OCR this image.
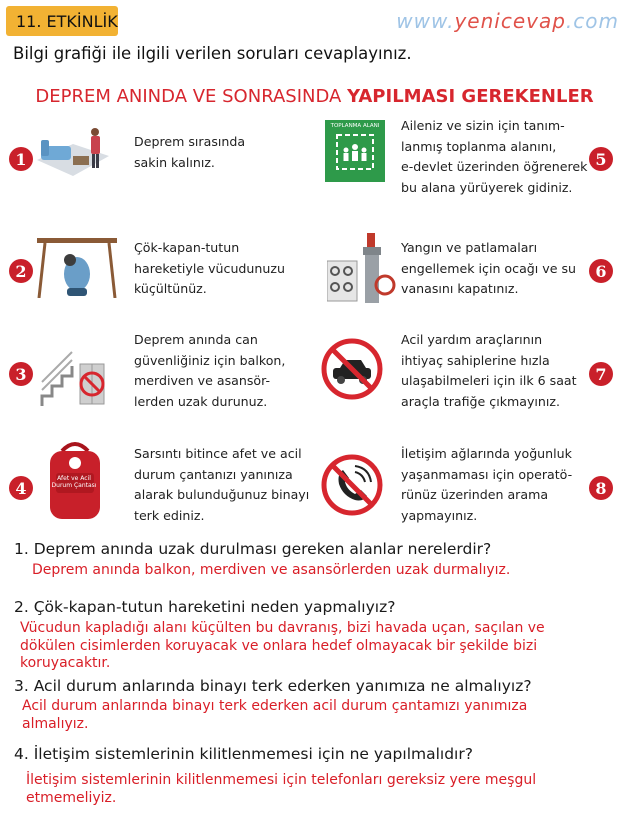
11. ETKİNLİK	www.yenicevap.com
Bilgi grafiği ile ilgili verilen soruları cevaplayınız.
DEPREM ANINDA VE SONRASINDA YAPILMASI GEREKENLER
1
2
3
4
5
6
7
8
Afet ve Acil Durum Çantası
TOPLANMA ALANI
Deprem sırasında
sakin kalınız.
Çök-kapan-tutun
hareketiyle vücudunuzu
küçültünüz.
Deprem anında can
güvenliğiniz için balkon,
merdiven ve asansör-
lerden uzak durunuz.
Sarsıntı bitince afet ve acil
durum çantanızı yanınıza
alarak bulunduğunuz binayı
terk ediniz.
Aileniz ve sizin için tanım-
lanmış toplanma alanını,
e-devlet üzerinden öğrenerek
bu alana yürüyerek gidiniz.
Yangın ve patlamaları
engellemek için ocağı ve su
vanasını kapatınız.
Acil yardım araçlarının
ihtiyaç sahiplerine hızla
ulaşabilmeleri için ilk 6 saat
araçla trafiğe çıkmayınız.
İletişim ağlarında yoğunluk
yaşanmaması için operatö-
rünüz üzerinden arama
yapmayınız.
1. Deprem anında uzak durulması gereken alanlar nerelerdir?
Deprem anında balkon, merdiven ve asansörlerden uzak durmalıyız.
2. Çök-kapan-tutun hareketini neden yapmalıyız?
Vücudun kapladığı alanı küçülten bu davranış, bizi havada uçan, saçılan ve
dökülen cisimlerden koruyacak ve onlara hedef olmayacak bir şekilde bizi
koruyacaktır.
3. Acil durum anlarında binayı terk ederken yanımıza ne almalıyız?
Acil durum anlarında binayı terk ederken acil durum çantamızı yanımıza
almalıyız.
4. İletişim sistemlerinin kilitlenmemesi için ne yapılmalıdır?
İletişim sistemlerinin kilitlenmemesi için telefonları gereksiz yere meşgul
etmemeliyiz.
